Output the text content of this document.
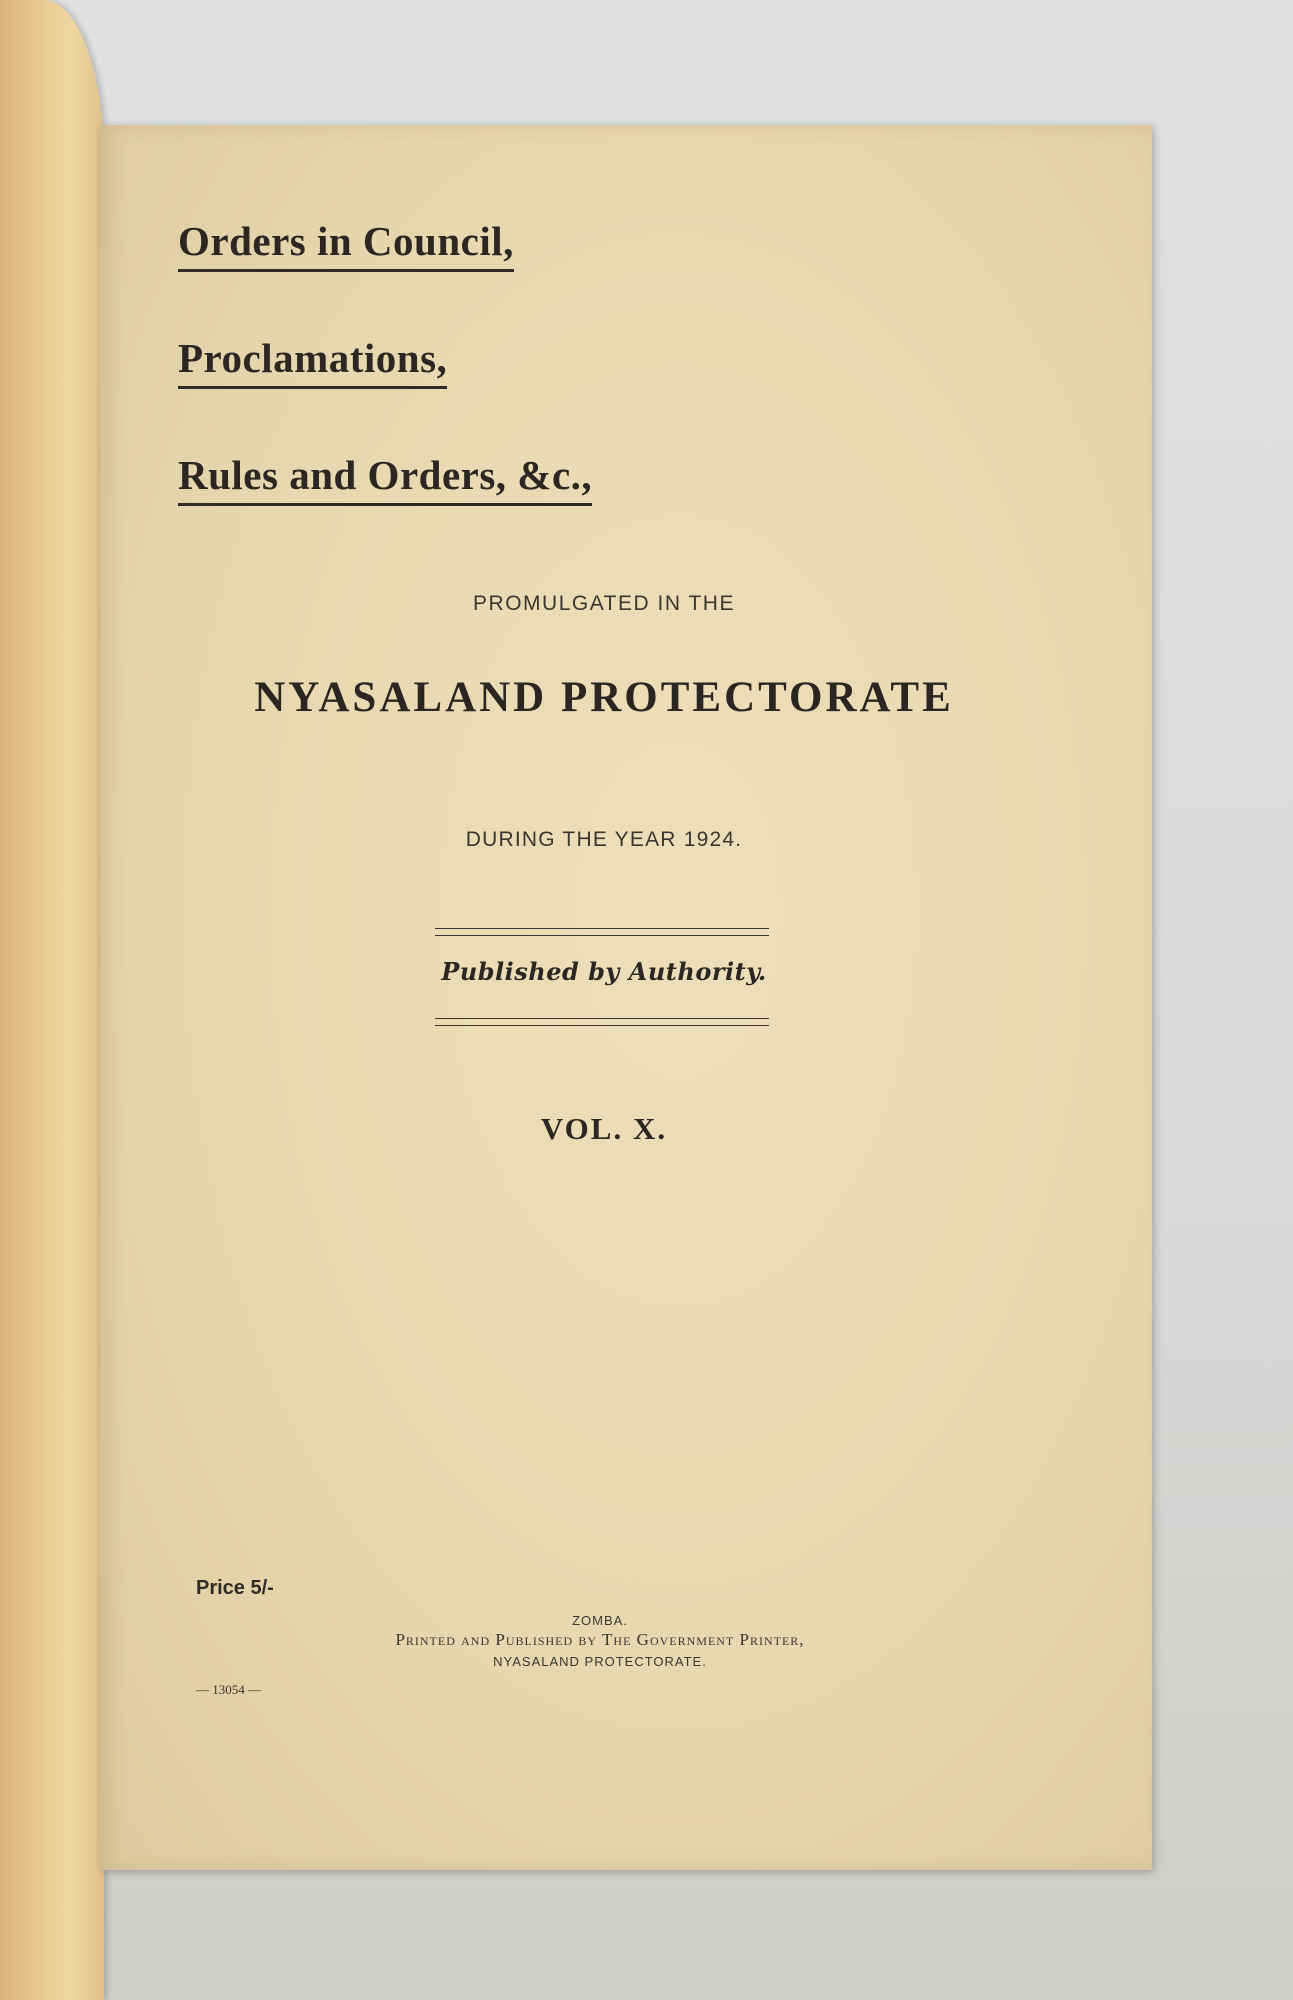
Orders in Council,
Proclamations,
Rules and Orders, &c.,
PROMULGATED IN THE
NYASALAND PROTECTORATE
DURING THE YEAR 1924.
Published by Authority.
VOL. X.
Price 5/-
ZOMBA.
Printed and Published by The Government Printer,
NYASALAND PROTECTORATE.
— 13054 —
